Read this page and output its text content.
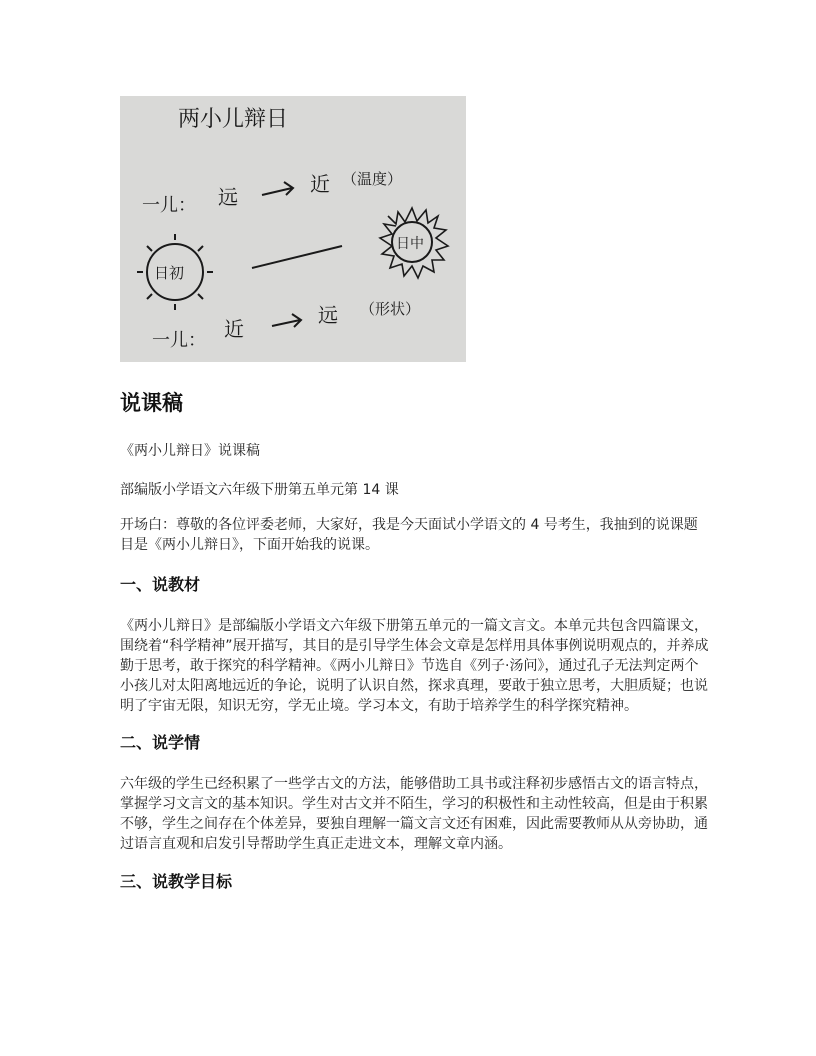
两小儿辩日
一儿： 远
近 （温度）
日初
日中
一儿： 近
远 （形状）
说课稿

《两小儿辩日》说课稿

部编版小学语文六年级下册第五单元第 14 课

开场白：尊敬的各位评委老师，大家好，我是今天面试小学语文的 4 号考生，我抽到的说课题目是《两小儿辩日》，下面开始我的说课。

一、说教材

《两小儿辩日》是部编版小学语文六年级下册第五单元的一篇文言文。本单元共包含四篇课文，围绕着“科学精神”展开描写，其目的是引导学生体会文章是怎样用具体事例说明观点的，并养成勤于思考，敢于探究的科学精神。《两小儿辩日》节选自《列子·汤问》，通过孔子无法判定两个小孩儿对太阳离地远近的争论，说明了认识自然，探求真理，要敢于独立思考，大胆质疑；也说明了宇宙无限，知识无穷，学无止境。学习本文，有助于培养学生的科学探究精神。

二、说学情

六年级的学生已经积累了一些学古文的方法，能够借助工具书或注释初步感悟古文的语言特点，掌握学习文言文的基本知识。学生对古文并不陌生，学习的积极性和主动性较高，但是由于积累不够，学生之间存在个体差异，要独自理解一篇文言文还有困难，因此需要教师从从旁协助，通过语言直观和启发引导帮助学生真正走进文本，理解文章内涵。

三、说教学目标
